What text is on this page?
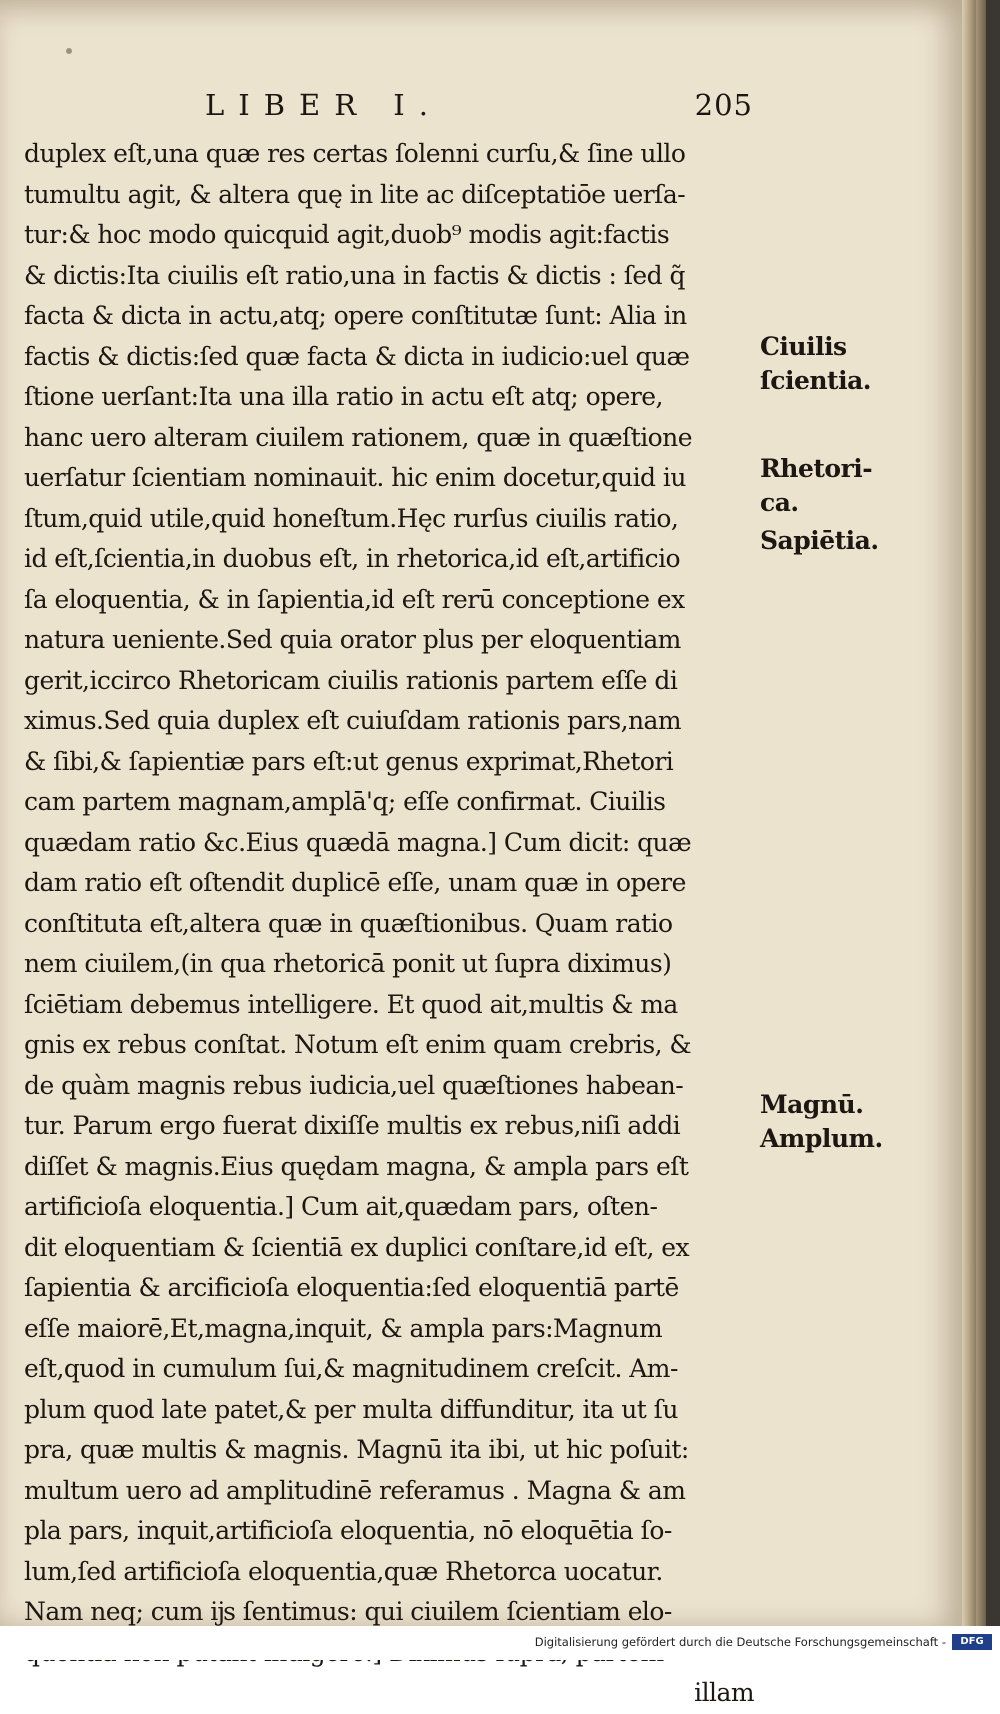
LIBER I.	205
duplex eſt,una quæ res certas ſolenni curſu,& ſine ullo
tumultu agit, & altera quę in lite ac diſceptatiōe uerſa-
tur:& hoc modo quicquid agit,duob⁹ modis agit:factis
& dictis:Ita ciuilis eſt ratio,una in factis & dictis : ſed q̃
facta & dicta in actu,atq; opere conſtitutæ ſunt: Alia in
factis & dictis:ſed quæ facta & dicta in iudicio:uel quæ
ſtione uerſant:Ita una illa ratio in actu eſt atq; opere,
hanc uero alteram ciuilem rationem, quæ in quæſtione
uerſatur ſcientiam nominauit. hic enim docetur,quid iu
ſtum,quid utile,quid honeſtum.Hęc rurſus ciuilis ratio,
id eſt,ſcientia,in duobus eſt, in rhetorica,id eſt,artificio
ſa eloquentia, & in ſapientia,id eſt rerū conceptione ex
natura ueniente.Sed quia orator plus per eloquentiam
gerit,iccirco Rhetoricam ciuilis rationis partem eſſe di
ximus.Sed quia duplex eſt cuiuſdam rationis pars,nam
& ſibi,& ſapientiæ pars eſt:ut genus exprimat,Rhetori
cam partem magnam,amplā'q; eſſe confirmat. Ciuilis
quædam ratio &c.Eius quædā magna.] Cum dicit: quæ
dam ratio eſt oſtendit duplicē eſſe, unam quæ in opere
conſtituta eſt,altera quæ in quæſtionibus. Quam ratio
nem ciuilem,(in qua rhetoricā ponit ut ſupra diximus)
ſciētiam debemus intelligere. Et quod ait,multis & ma
gnis ex rebus conſtat. Notum eſt enim quam crebris, &
de quàm magnis rebus iudicia,uel quæſtiones habean-
tur. Parum ergo fuerat dixiſſe multis ex rebus,niſi addi
diſſet & magnis.Eius quędam magna, & ampla pars eſt
artificioſa eloquentia.] Cum ait,quædam pars, oſten-
dit eloquentiam & ſcientiā ex duplici conſtare,id eſt, ex
ſapientia & arcificioſa eloquentia:ſed eloquentiā partē
eſſe maiorē,Et,magna,inquit, & ampla pars:Magnum
eſt,quod in cumulum ſui,& magnitudinem creſcit. Am-
plum quod late patet,& per multa diffunditur, ita ut ſu
pra, quæ multis & magnis. Magnū ita ibi, ut hic poſuit:
multum uero ad amplitudinē referamus . Magna & am
pla pars, inquit,artificioſa eloquentia, nō eloquētia ſo-
lum,ſed artificioſa eloquentia,quæ Rhetorca uocatur.
Nam neq; cum ĳs ſentimus: qui ciuilem ſcientiam elo-
illam
Ciuilis
ſcientia.
Rhetori-
ca.
Sapiētia.
Magnū.
Amplum.
Digitalisierung gefördert durch die Deutsche Forschungsgemeinschaft -	DFG
